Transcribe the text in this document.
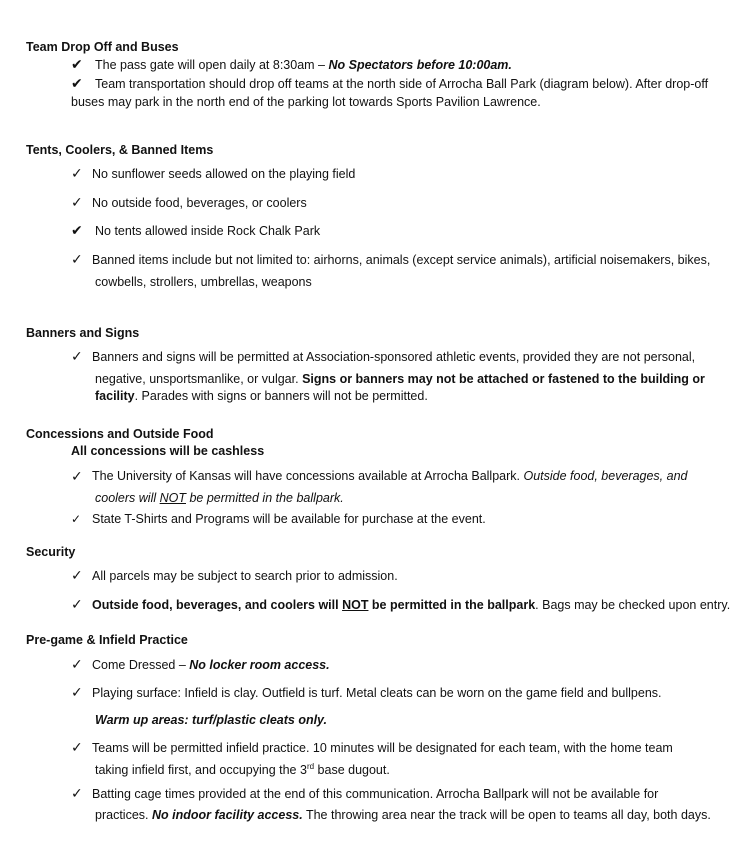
Team Drop Off and Buses
✔ The pass gate will open daily at 8:30am – No Spectators before 10:00am.
✔ Team transportation should drop off teams at the north side of Arrocha Ball Park (diagram below). After drop-off
buses may park in the north end of the parking lot towards Sports Pavilion Lawrence.
Tents, Coolers, & Banned Items
✓ No sunflower seeds allowed on the playing field
✓ No outside food, beverages, or coolers
✔ No tents allowed inside Rock Chalk Park
✓ Banned items include but not limited to: airhorns, animals (except service animals), artificial noisemakers, bikes,
cowbells, strollers, umbrellas, weapons
Banners and Signs
✓ Banners and signs will be permitted at Association-sponsored athletic events, provided they are not personal,
negative, unsportsmanlike, or vulgar. Signs or banners may not be attached or fastened to the building or
facility. Parades with signs or banners will not be permitted.
Concessions and Outside Food
All concessions will be cashless
✓ The University of Kansas will have concessions available at Arrocha Ballpark. Outside food, beverages, and
coolers will NOT be permitted in the ballpark.
✓ State T-Shirts and Programs will be available for purchase at the event.
Security
✓ All parcels may be subject to search prior to admission.
✓ Outside food, beverages, and coolers will NOT be permitted in the ballpark. Bags may be checked upon entry.
Pre-game & Infield Practice
✓ Come Dressed – No locker room access.
✓ Playing surface: Infield is clay. Outfield is turf. Metal cleats can be worn on the game field and bullpens.
Warm up areas: turf/plastic cleats only.
✓ Teams will be permitted infield practice. 10 minutes will be designated for each team, with the home team
taking infield first, and occupying the 3rd base dugout.
✓ Batting cage times provided at the end of this communication. Arrocha Ballpark will not be available for
practices. No indoor facility access. The throwing area near the track will be open to teams all day, both days.
